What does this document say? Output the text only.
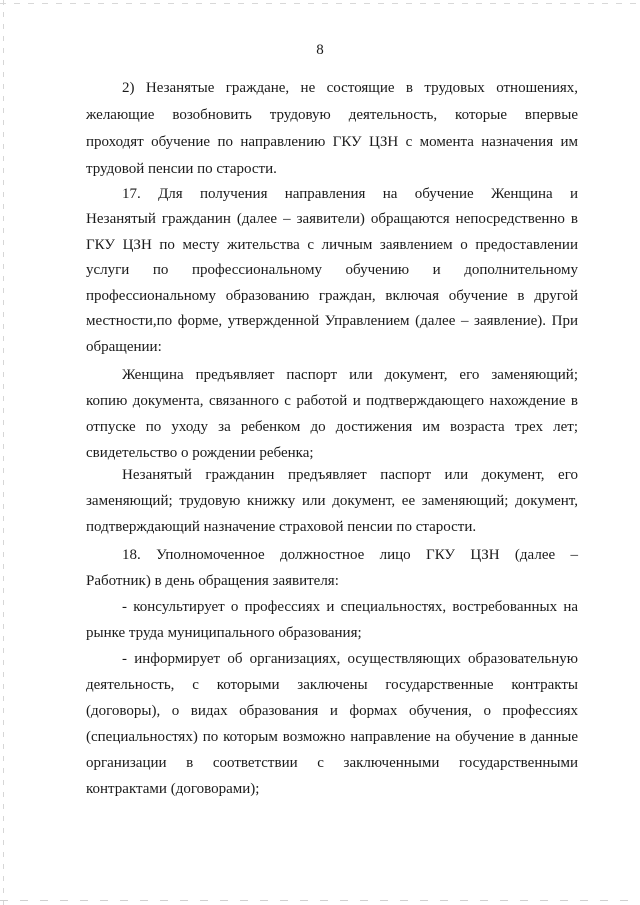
8
2) Незанятые граждане, не состоящие в трудовых отношениях,
желающие возобновить трудовую деятельность, которые впервые
проходят обучение по направлению ГКУ ЦЗН с момента назначения им
трудовой пенсии по старости.
17. Для получения направления на обучение Женщина и
Незанятый гражданин (далее – заявители) обращаются непосредственно в
ГКУ ЦЗН по месту жительства с личным заявлением о предоставлении
услуги по профессиональному обучению и дополнительному
профессиональному образованию граждан, включая обучение в другой
местности,по форме, утвержденной Управлением (далее – заявление). При
обращении:
Женщина предъявляет паспорт или документ, его заменяющий;
копию документа, связанного с работой и подтверждающего нахождение в
отпуске по уходу за ребенком до достижения им возраста трех лет;
свидетельство о рождении ребенка;
Незанятый гражданин предъявляет паспорт или документ, его
заменяющий; трудовую книжку или документ, ее заменяющий; документ,
подтверждающий назначение страховой пенсии по старости.
18. Уполномоченное должностное лицо ГКУ ЦЗН (далее –
Работник) в день обращения заявителя:
- консультирует о профессиях и специальностях, востребованных на
рынке труда муниципального образования;
- информирует об организациях, осуществляющих образовательную
деятельность, с которыми заключены государственные контракты
(договоры), о видах образования и формах обучения, о профессиях
(специальностях) по которым возможно направление на обучение в данные
организации в соответствии с заключенными государственными
контрактами (договорами);
